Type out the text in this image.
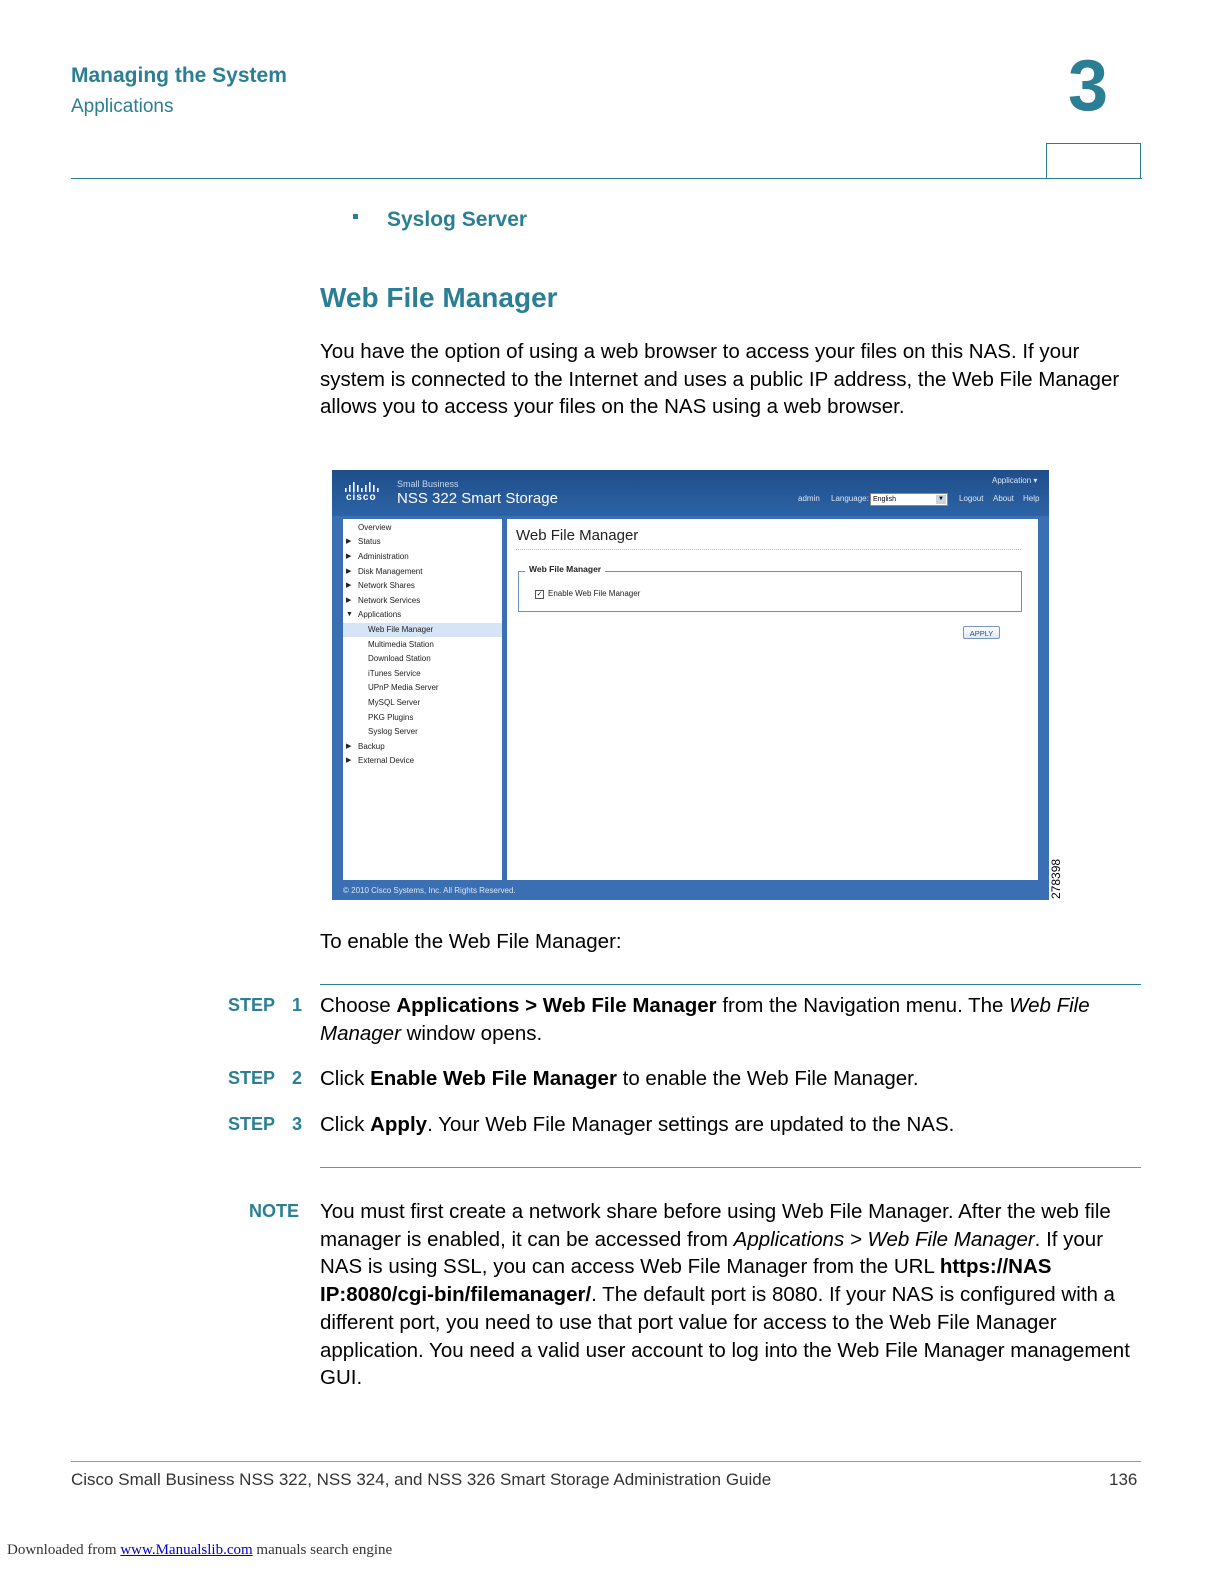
Managing the System
Applications	3
Syslog Server
Web File Manager
You have the option of using a web browser to access your files on this NAS. If your system is connected to the Internet and uses a public IP address, the Web File Manager allows you to access your files on the NAS using a web browser.
cisco
Small Business
NSS 322 Smart Storage
Application ▾
admin Language: English	▼ Logout About Help
Overview
▶ Status
▶ Administration
▶ Disk Management
▶ Network Shares
▶ Network Services
▼ Applications
Web File Manager
Multimedia Station
Download Station
iTunes Service
UPnP Media Server
MySQL Server
PKG Plugins
Syslog Server
▶ Backup
▶ External Device
Web File Manager
Web File Manager
✓ Enable Web File Manager
APPLY
© 2010 Cisco Systems, Inc. All Rights Reserved.	278398
To enable the Web File Manager:
STEP 1 Choose Applications > Web File Manager from the Navigation menu. The Web File Manager window opens.
STEP 2 Click Enable Web File Manager to enable the Web File Manager.
STEP 3 Click Apply. Your Web File Manager settings are updated to the NAS.
NOTE You must first create a network share before using Web File Manager. After the web file manager is enabled, it can be accessed from Applications > Web File Manager. If your NAS is using SSL, you can access Web File Manager from the URL https://NAS IP:8080/cgi-bin/filemanager/. The default port is 8080. If your NAS is configured with a different port, you need to use that port value for access to the Web File Manager application. You need a valid user account to log into the Web File Manager management GUI.
Cisco Small Business NSS 322, NSS 324, and NSS 326 Smart Storage Administration Guide	136
Downloaded from www.Manualslib.com manuals search engine
